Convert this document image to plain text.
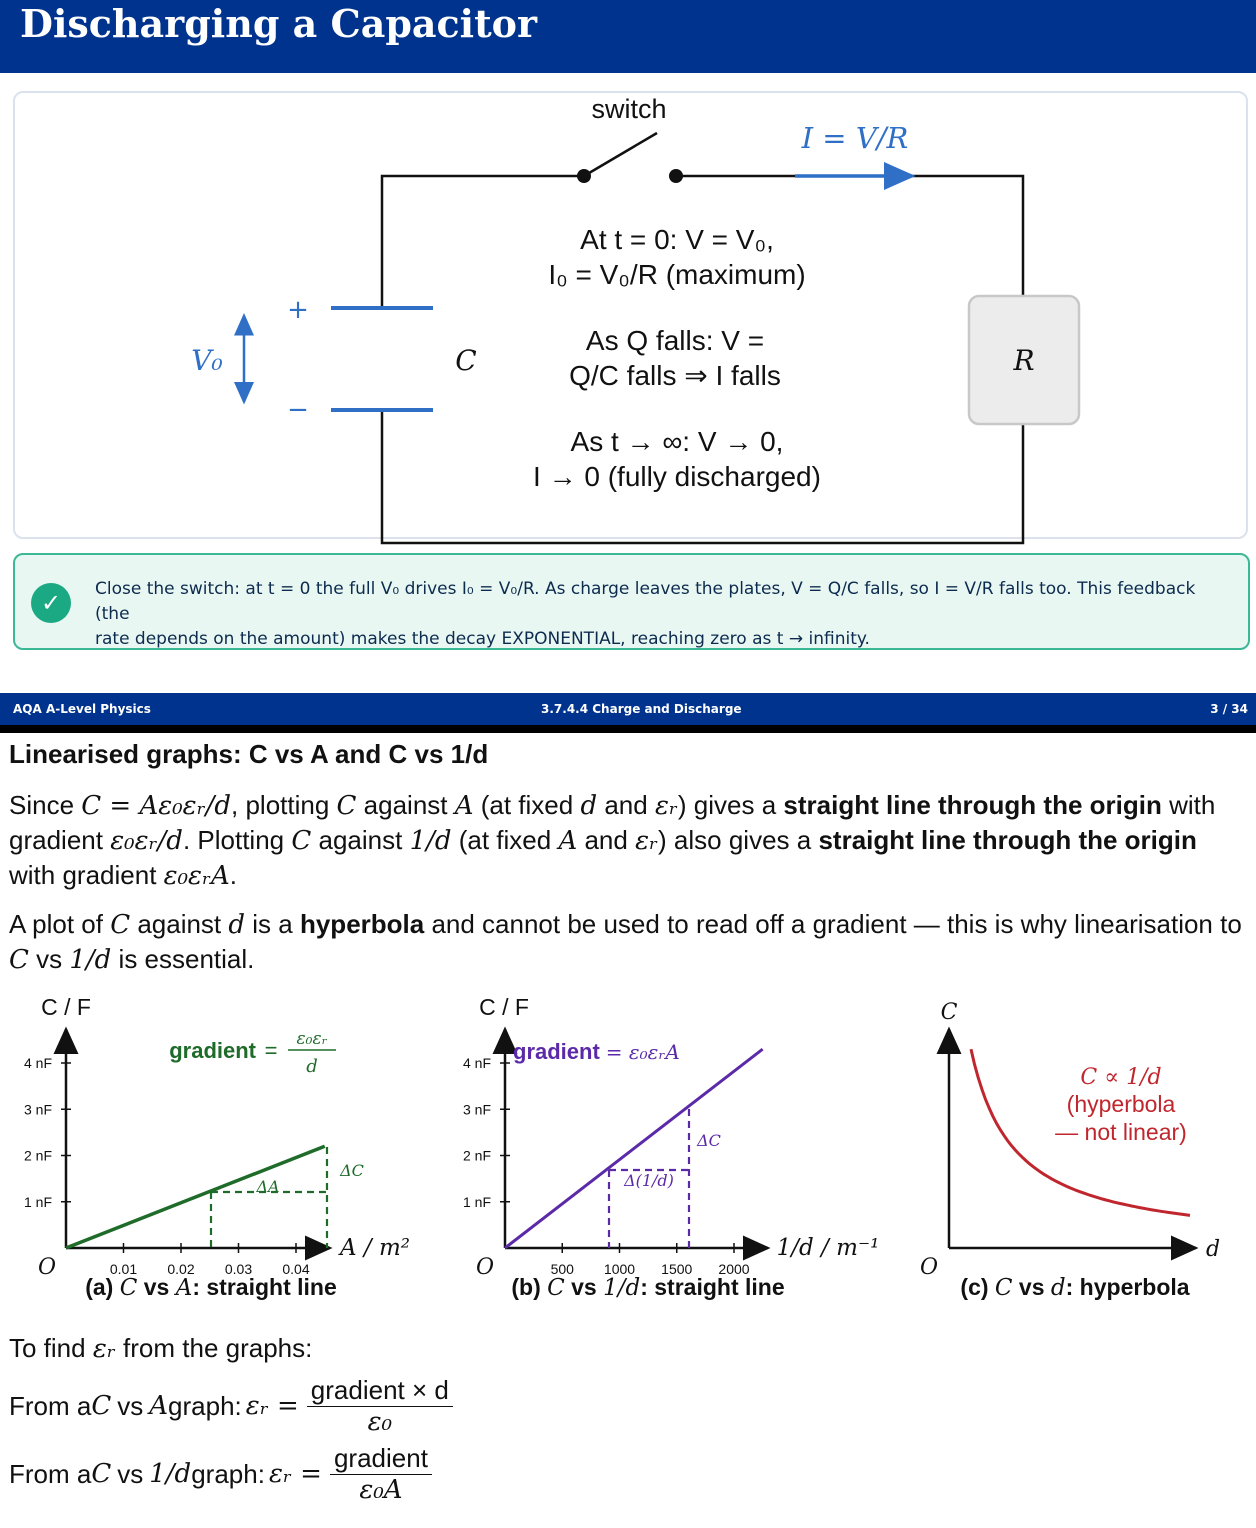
Discharging a Capacitor
switch
I = V/R
+
−
C
V₀	R
At t = 0: V = V₀,
I₀ = V₀/R (maximum)
As Q falls: V =
Q/C falls ⇒ I falls
As t → ∞: V → 0,
I → 0 (fully discharged)
✓	Close the switch: at t = 0 the full V₀ drives I₀ = V₀/R. As charge leaves the plates, V = Q/C falls, so I = V/R falls too. This feedback (the
rate depends on the amount) makes the decay EXPONENTIAL, reaching zero as t → infinity.
AQA A-Level Physics	3.7.4.4 Charge and Discharge	3 / 34
Linearised graphs: C vs A and C vs 1/d

Since C = Aε₀εᵣ/d, plotting C against A (at fixed d and εᵣ) gives a straight line through the origin with gradient ε₀εᵣ/d. Plotting C against 1/d (at fixed A and εᵣ) also gives a straight line through the origin with gradient ε₀εᵣA.

A plot of C against d is a hyperbola and cannot be used to read off a gradient — this is why linearisation to C vs 1/d is essential.

C / F
A / m²
O	0.01 0.02 0.03 0.04
1 nF
2 nF
3 nF
4 nF
ΔA
ΔC
gradient = ε₀εᵣ
d
(a) C vs A: straight line
C / F
1/d / m⁻¹
O	500 1000 1500 2000
1 nF
2 nF
3 nF
4 nF
Δ(1/d)
ΔC
gradient = ε₀εᵣA
(b) C vs 1/d: straight line
C
d
O
C ∝ 1/d
(hyperbola
— not linear)
(c) C vs d: hyperbola
To find εᵣ from the graphs:
From a C vs A graph: εᵣ = $\frac{\text{gradient × d}}{\text{ε₀}}$
From a C vs 1/d graph: εᵣ = $\frac{\text{gradient}}{\text{ε₀A}}$
